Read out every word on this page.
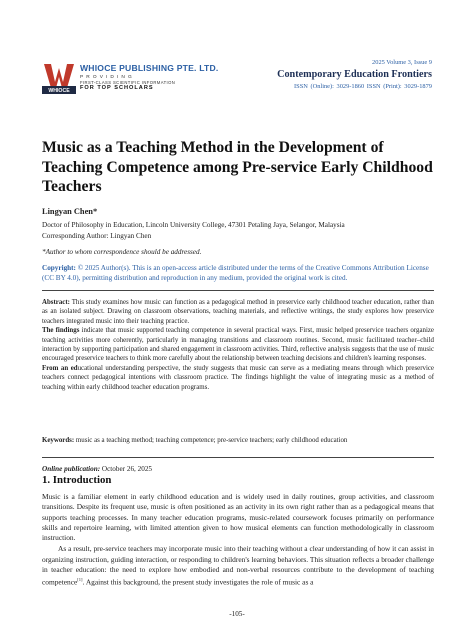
WHIOCE
WHIOCE PUBLISHING PTE. LTD.
PROVIDING
FIRST-CLASS SCIENTIFIC INFORMATION
FOR TOP SCHOLARS
2025 Volume 3, Issue 9
Contemporary Education Frontiers
ISSN (Online): 3029-1860 ISSN (Print): 3029-1879
Music as a Teaching Method in the Development of Teaching Competence among Pre-service Early Childhood Teachers
Lingyan Chen*
Doctor of Philosophy in Education, Lincoln University College, 47301 Petaling Jaya, Selangor, Malaysia
Corresponding Author: Lingyan Chen
*Author to whom correspondence should be addressed.
Copyright: © 2025 Author(s). This is an open-access article distributed under the terms of the Creative Commons Attribution License (CC BY 4.0), permitting distribution and reproduction in any medium, provided the original work is cited.

Abstract: This study examines how music can function as a pedagogical method in preservice early childhood teacher education, rather than as an isolated subject. Drawing on classroom observations, teaching materials, and reflective writings, the study explores how preservice teachers integrated music into their teaching practice.

The findings indicate that music supported teaching competence in several practical ways. First, music helped preservice teachers organize teaching activities more coherently, particularly in managing transitions and classroom routines. Second, music facilitated teacher–child interaction by supporting participation and shared engagement in classroom activities. Third, reflective analysis suggests that the use of music encouraged preservice teachers to think more carefully about the relationship between teaching decisions and children's learning responses.

From an educational understanding perspective, the study suggests that music can serve as a mediating means through which preservice teachers connect pedagogical intentions with classroom practice. The findings highlight the value of integrating music as a method of teaching within early childhood teacher education programs.

Keywords: music as a teaching method; teaching competence; pre-service teachers; early childhood education
Online publication: October 26, 2025
1. Introduction

Music is a familiar element in early childhood education and is widely used in daily routines, group activities, and classroom transitions. Despite its frequent use, music is often positioned as an activity in its own right rather than as a pedagogical means that supports teaching processes. In many teacher education programs, music-related coursework focuses primarily on performance skills and repertoire learning, with limited attention given to how musical elements can function methodologically in classroom instruction.

As a result, pre-service teachers may incorporate music into their teaching without a clear understanding of how it can assist in organizing instruction, guiding interaction, or responding to children's learning behaviors. This situation reflects a broader challenge in teacher education: the need to explore how embodied and non-verbal resources contribute to the development of teaching competence[1]. Against this background, the present study investigates the role of music as a

-105-
